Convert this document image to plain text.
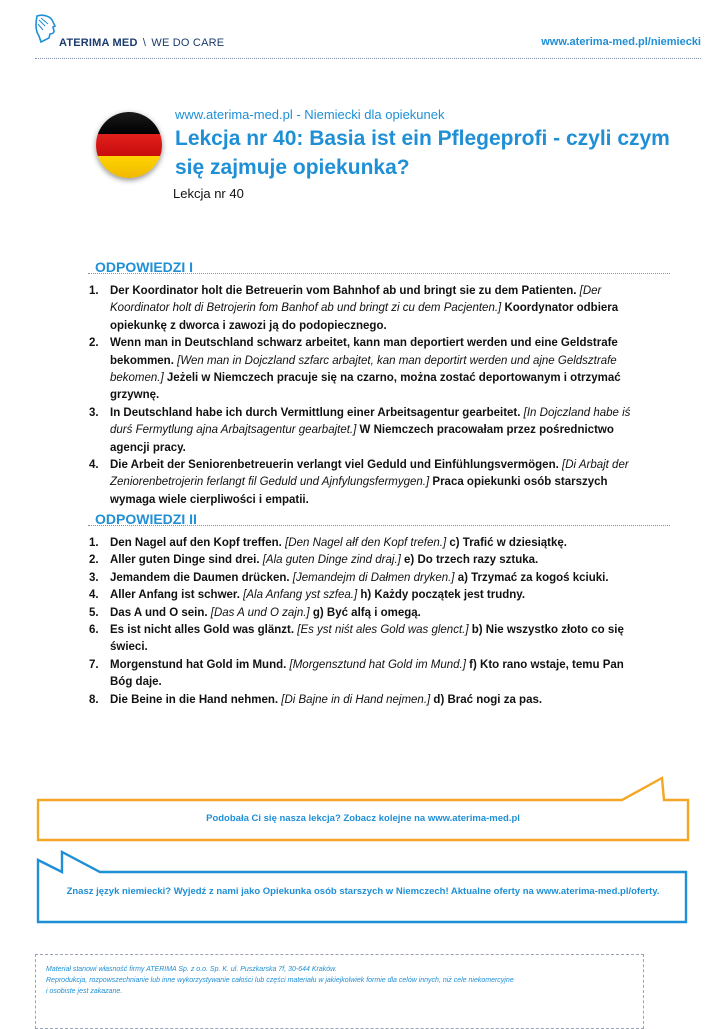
ATERIMA MED \ WE DO CARE	www.aterima-med.pl/niemiecki
www.aterima-med.pl - Niemiecki dla opiekunek
Lekcja nr 40: Basia ist ein Pflegeprofi - czyli czym się zajmuje opiekunka?
Lekcja nr 40
ODPOWIEDZI I
1. Der Koordinator holt die Betreuerin vom Bahnhof ab und bringt sie zu dem Patienten. [Der Koordinator holt di Betrojerin fom Banhof ab und bringt zi cu dem Pacjenten.] Koordynator odbiera opiekunkę z dworca i zawozi ją do podopiecznego.
2. Wenn man in Deutschland schwarz arbeitet, kann man deportiert werden und eine Geldstrafe bekommen. [Wen man in Dojczland szfarc arbajtet, kan man deportirt werden und ajne Geldsztrafe bekomen.] Jeżeli w Niemczech pracuje się na czarno, można zostać deportowanym i otrzymać grzywnę.
3. In Deutschland habe ich durch Vermittlung einer Arbeitsagentur gearbeitet. [In Dojczland habe iś durś Fermytlung ajna Arbajtsagentur gearbajtet.] W Niemczech pracowałam przez pośrednictwo agencji pracy.
4. Die Arbeit der Seniorenbetreuerin verlangt viel Geduld und Einfühlungsvermögen. [Di Arbajt der Zeniorenbetrojerin ferlangt fil Geduld und Ajnfylungsfermygen.] Praca opiekunki osób starszych wymaga wiele cierpliwości i empatii.
ODPOWIEDZI II
1. Den Nagel auf den Kopf treffen. [Den Nagel ałf den Kopf trefen.] c) Trafić w dziesiątkę.
2. Aller guten Dinge sind drei. [Ala guten Dinge zind draj.] e) Do trzech razy sztuka.
3. Jemandem die Daumen drücken. [Jemandejm di Dałmen dryken.] a) Trzymać za kogoś kciuki.
4. Aller Anfang ist schwer. [Ala Anfang yst szfea.] h) Każdy początek jest trudny.
5. Das A und O sein. [Das A und O zajn.] g) Być alfą i omegą.
6. Es ist nicht alles Gold was glänzt. [Es yst niśt ales Gold was glenct.] b) Nie wszystko złoto co się świeci.
7. Morgenstund hat Gold im Mund. [Morgensztund hat Gold im Mund.] f) Kto rano wstaje, temu Pan Bóg daje.
8. Die Beine in die Hand nehmen. [Di Bajne in di Hand nejmen.] d) Brać nogi za pas.
Podobała Ci się nasza lekcja? Zobacz kolejne na www.aterima-med.pl
Znasz język niemiecki? Wyjedź z nami jako Opiekunka osób starszych w Niemczech! Aktualne oferty na www.aterima-med.pl/oferty.
Materiał stanowi własność firmy ATERIMA Sp. z o.o. Sp. K. ul. Puszkarska 7f, 30-644 Kraków.
Reprodukcja, rozpowszechnianie lub inne wykorzystywanie całości lub części materiału w jakiejkolwiek formie dla celów innych, niż cele niekomercyjne
i osobiste jest zakazane.
